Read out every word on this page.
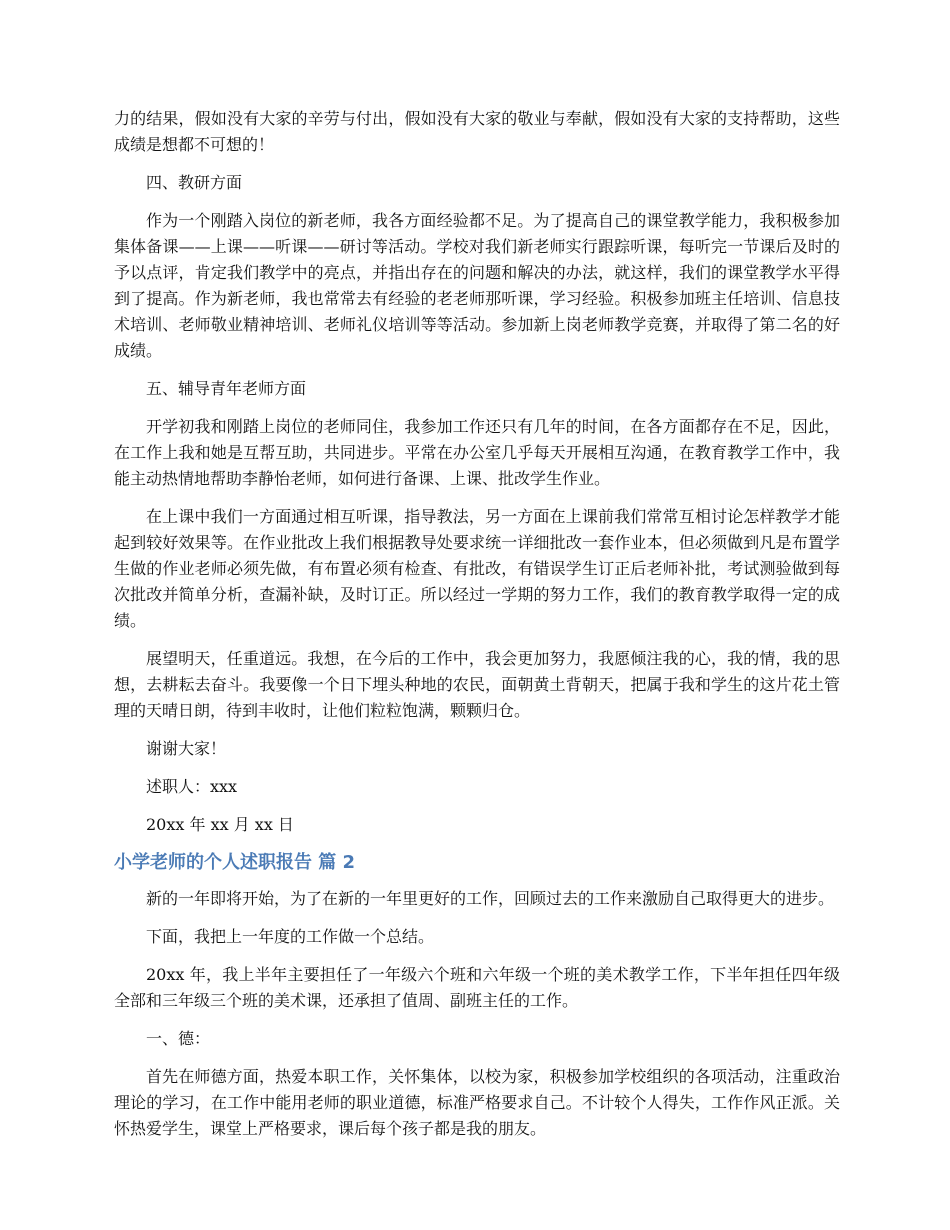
力的结果，假如没有大家的辛劳与付出，假如没有大家的敬业与奉献，假如没有大家的支持帮助，这些成绩是想都不可想的！

四、教研方面

作为一个刚踏入岗位的新老师，我各方面经验都不足。为了提高自己的课堂教学能力，我积极参加集体备课——上课——听课——研讨等活动。学校对我们新老师实行跟踪听课，每听完一节课后及时的予以点评，肯定我们教学中的亮点，并指出存在的问题和解决的办法，就这样，我们的课堂教学水平得到了提高。作为新老师，我也常常去有经验的老老师那听课，学习经验。积极参加班主任培训、信息技术培训、老师敬业精神培训、老师礼仪培训等等活动。参加新上岗老师教学竞赛，并取得了第二名的好成绩。

五、辅导青年老师方面

开学初我和刚踏上岗位的老师同住，我参加工作还只有几年的时间，在各方面都存在不足，因此，在工作上我和她是互帮互助，共同进步。平常在办公室几乎每天开展相互沟通，在教育教学工作中，我能主动热情地帮助李静怡老师，如何进行备课、上课、批改学生作业。

在上课中我们一方面通过相互听课，指导教法，另一方面在上课前我们常常互相讨论怎样教学才能起到较好效果等。在作业批改上我们根据教导处要求统一详细批改一套作业本，但必须做到凡是布置学生做的作业老师必须先做，有布置必须有检查、有批改，有错误学生订正后老师补批，考试测验做到每次批改并简单分析，查漏补缺，及时订正。所以经过一学期的努力工作，我们的教育教学取得一定的成绩。

展望明天，任重道远。我想，在今后的工作中，我会更加努力，我愿倾注我的心，我的情，我的思想，去耕耘去奋斗。我要像一个日下埋头种地的农民，面朝黄土背朝天，把属于我和学生的这片花土管理的天晴日朗，待到丰收时，让他们粒粒饱满，颗颗归仓。

谢谢大家！

述职人：xxx

20xx 年 xx 月 xx 日

小学老师的个人述职报告 篇 2

新的一年即将开始，为了在新的一年里更好的工作，回顾过去的工作来激励自己取得更大的进步。

下面，我把上一年度的工作做一个总结。

20xx 年，我上半年主要担任了一年级六个班和六年级一个班的美术教学工作，下半年担任四年级全部和三年级三个班的美术课，还承担了值周、副班主任的工作。

一、德：

首先在师德方面，热爱本职工作，关怀集体，以校为家，积极参加学校组织的各项活动，注重政治理论的学习，在工作中能用老师的职业道德，标准严格要求自己。不计较个人得失，工作作风正派。关怀热爱学生，课堂上严格要求，课后每个孩子都是我的朋友。
